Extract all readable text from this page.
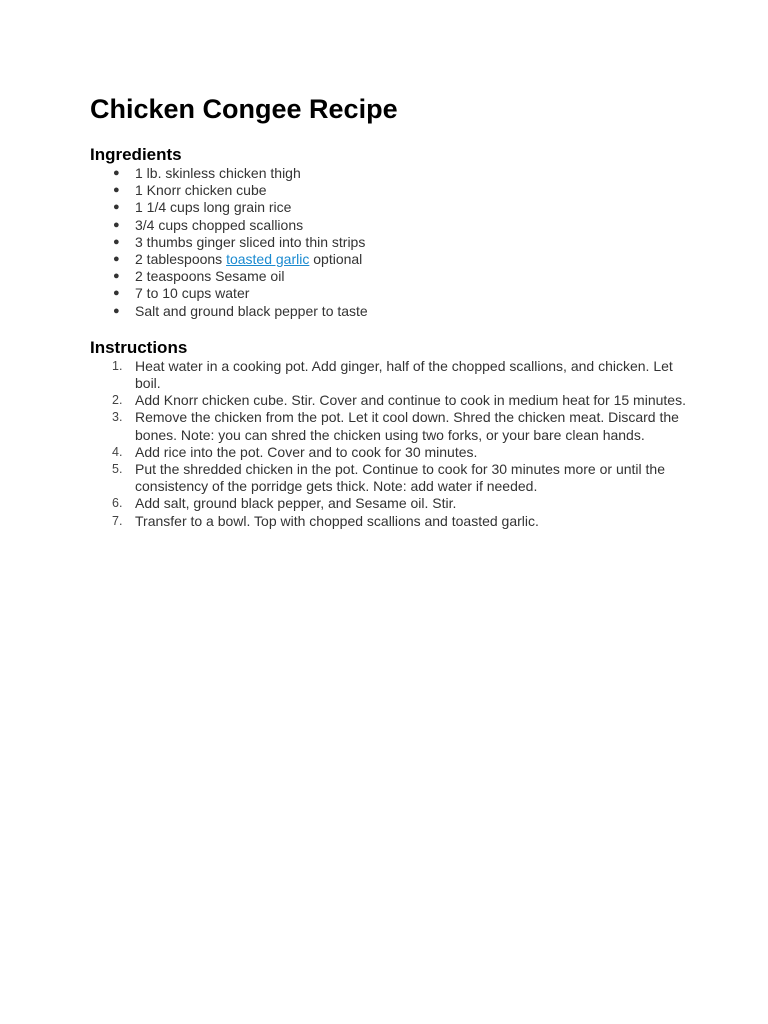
Chicken Congee Recipe
Ingredients
● 1 lb. skinless chicken thigh
● 1 Knorr chicken cube
● 1 1/4 cups long grain rice
● 3/4 cups chopped scallions
● 3 thumbs ginger sliced into thin strips
● 2 tablespoons toasted garlic optional
● 2 teaspoons Sesame oil
● 7 to 10 cups water
● Salt and ground black pepper to taste
Instructions
1. Heat water in a cooking pot. Add ginger, half of the chopped scallions, and chicken. Let boil.
2. Add Knorr chicken cube. Stir. Cover and continue to cook in medium heat for 15 minutes.
3. Remove the chicken from the pot. Let it cool down. Shred the chicken meat. Discard the bones. Note: you can shred the chicken using two forks, or your bare clean hands.
4. Add rice into the pot. Cover and to cook for 30 minutes.
5. Put the shredded chicken in the pot. Continue to cook for 30 minutes more or until the consistency of the porridge gets thick. Note: add water if needed.
6. Add salt, ground black pepper, and Sesame oil. Stir.
7. Transfer to a bowl. Top with chopped scallions and toasted garlic.
